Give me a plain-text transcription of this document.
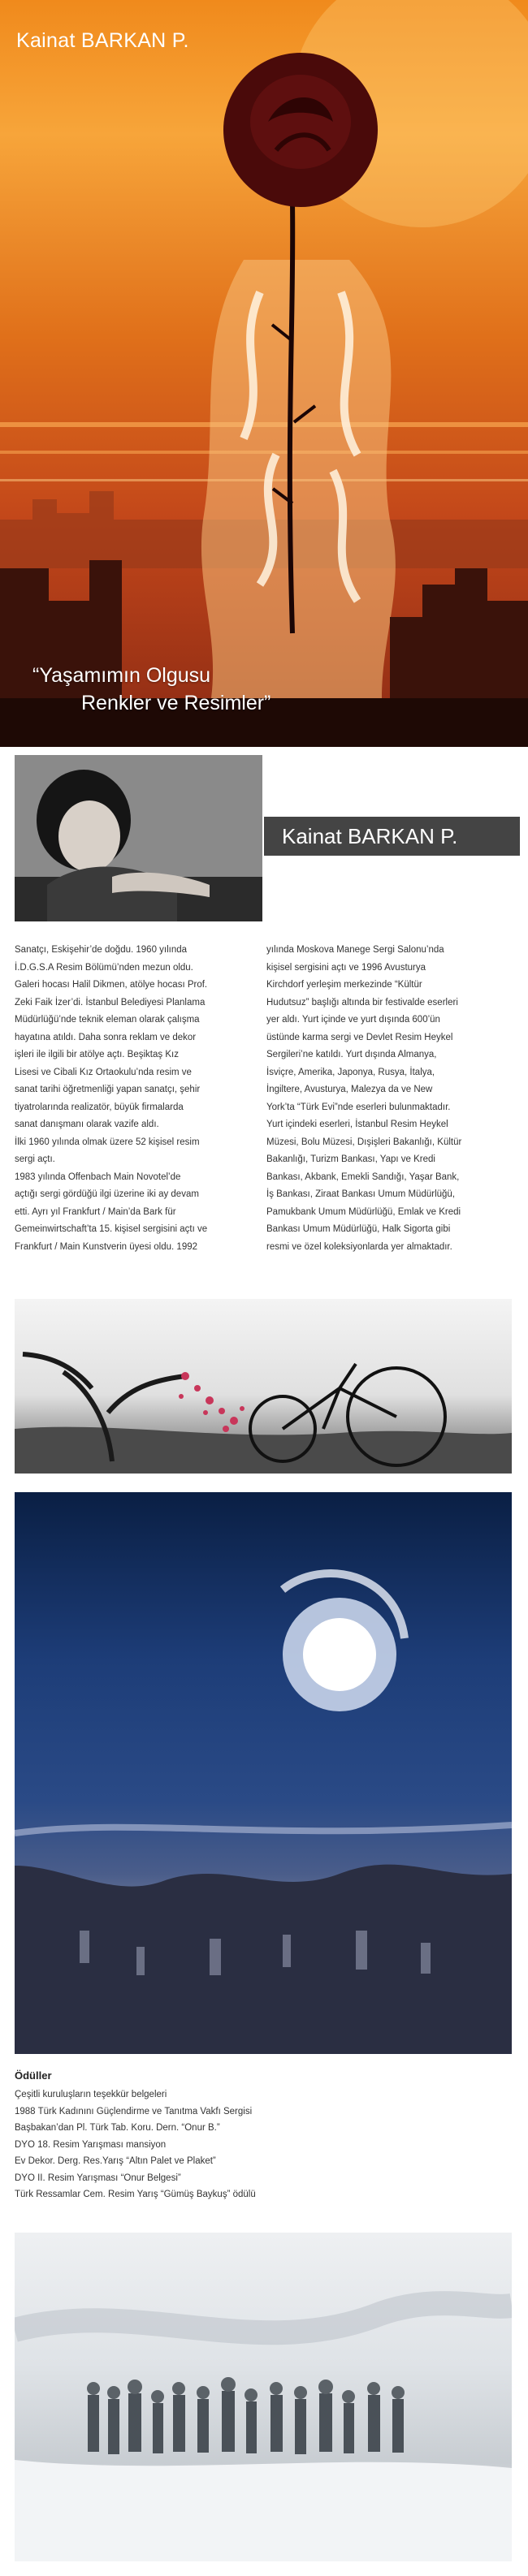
Kainat BARKAN P.
“Yaşamımın Olgusu
Renkler ve Resimler”
Kainat BARKAN P.
Sanatçı, Eskişehir’de doğdu. 1960 yılında
İ.D.G.S.A Resim Bölümü’nden mezun oldu.
Galeri hocası Halil Dikmen, atölye hocası Prof.
Zeki Faik İzer’di. İstanbul Belediyesi Planlama
Müdürlüğü’nde teknik eleman olarak çalışma
hayatına atıldı. Daha sonra reklam ve dekor
işleri ile ilgili bir atölye açtı. Beşiktaş Kız
Lisesi ve Cibali Kız Ortaokulu’nda resim ve
sanat tarihi öğretmenliği yapan sanatçı, şehir
tiyatrolarında realizatör, büyük firmalarda
sanat danışmanı olarak vazife aldı.
İlki 1960 yılında olmak üzere 52 kişisel resim
sergi açtı.
1983 yılında Offenbach Main Novotel’de
açtığı sergi gördüğü ilgi üzerine iki ay devam
etti. Ayrı yıl Frankfurt / Main’da Bark für
Gemeinwirtschaft’ta 15. kişisel sergisini açtı ve
Frankfurt / Main Kunstverin üyesi oldu. 1992
yılında Moskova Manege Sergi Salonu’nda
kişisel sergisini açtı ve 1996 Avusturya
Kirchdorf yerleşim merkezinde “Kültür
Hudutsuz” başlığı altında bir festivalde eserleri
yer aldı. Yurt içinde ve yurt dışında 600’ün
üstünde karma sergi ve Devlet Resim Heykel
Sergileri’ne katıldı. Yurt dışında Almanya,
İsviçre, Amerika, Japonya, Rusya, İtalya,
İngiltere, Avusturya, Malezya da ve New
York’ta “Türk Evi”nde eserleri bulunmaktadır.
Yurt içindeki eserleri, İstanbul Resim Heykel
Müzesi, Bolu Müzesi, Dışişleri Bakanlığı, Kültür
Bakanlığı, Turizm Bankası, Yapı ve Kredi
Bankası, Akbank, Emekli Sandığı, Yaşar Bank,
İş Bankası, Ziraat Bankası Umum Müdürlüğü,
Pamukbank Umum Müdürlüğü, Emlak ve Kredi
Bankası Umum Müdürlüğü, Halk Sigorta gibi
resmi ve özel koleksiyonlarda yer almaktadır.
Ödüller
Çeşitli kuruluşların teşekkür belgeleri
1988 Türk Kadınını Güçlendirme ve Tanıtma Vakfı Sergisi
Başbakan’dan Pl. Türk Tab. Koru. Dern. “Onur B.”
DYO 18. Resim Yarışması mansiyon
Ev Dekor. Derg. Res.Yarış “Altın Palet ve Plaket”
DYO II. Resim Yarışması “Onur Belgesi”
Türk Ressamlar Cem. Resim Yarış “Gümüş Baykuş” ödülü
